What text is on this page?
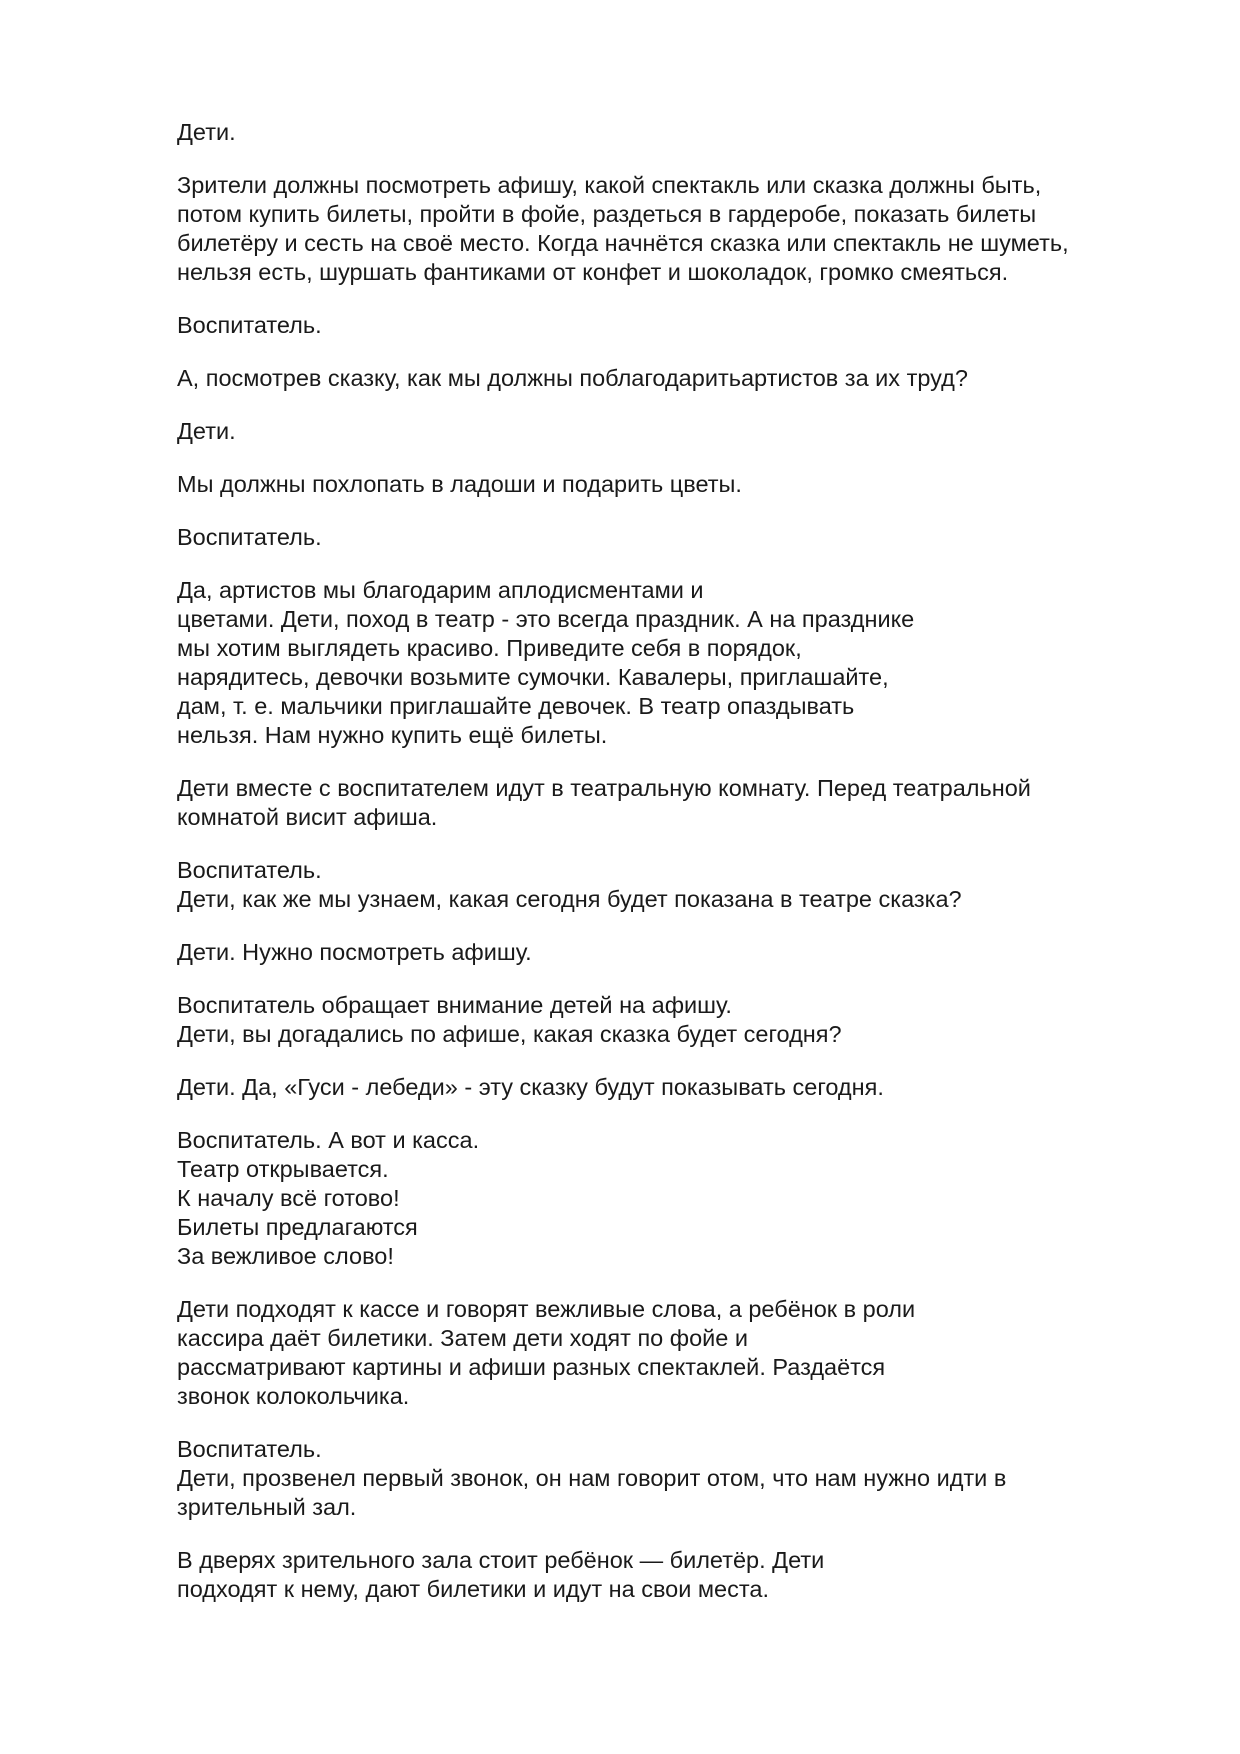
Дети.
Зрители должны посмотреть афишу, какой спектакль или сказка должны быть,
потом купить билеты, пройти в фойе, раздеться в гардеробе, показать билеты
билетёру и сесть на своё место. Когда начнётся сказка или спектакль не шуметь,
нельзя есть, шуршать фантиками от конфет и шоколадок, громко смеяться.
Воспитатель.
А, посмотрев сказку, как мы должны поблагодаритьартистов за их труд?
Дети.
Мы должны похлопать в ладоши и подарить цветы.
Воспитатель.
Да, артистов мы благодарим аплодисментами и
цветами. Дети, поход в театр - это всегда праздник. А на празднике
мы хотим выглядеть красиво. Приведите себя в порядок,
нарядитесь, девочки возьмите сумочки. Кавалеры, приглашайте,
дам, т. е. мальчики приглашайте девочек. В театр опаздывать
нельзя. Нам нужно купить ещё билеты.
Дети вместе с воспитателем идут в театральную комнату. Перед театральной
комнатой висит афиша.
Воспитатель.
Дети, как же мы узнаем, какая сегодня будет показана в театре сказка?
Дети. Нужно посмотреть афишу.
Воспитатель обращает внимание детей на афишу.
Дети, вы догадались по афише, какая сказка будет сегодня?
Дети. Да, «Гуси - лебеди» - эту сказку будут показывать сегодня.
Воспитатель. А вот и касса.
Театр открывается.
К началу всё готово!
Билеты предлагаются
За вежливое слово!
Дети подходят к кассе и говорят вежливые слова, а ребёнок в роли
кассира даёт билетики. Затем дети ходят по фойе и
рассматривают картины и афиши разных спектаклей. Раздаётся
звонок колокольчика.
Воспитатель.
Дети, прозвенел первый звонок, он нам говорит отом, что нам нужно идти в
зрительный зал.
В дверях зрительного зала стоит ребёнок — билетёр. Дети
подходят к нему, дают билетики и идут на свои места.
